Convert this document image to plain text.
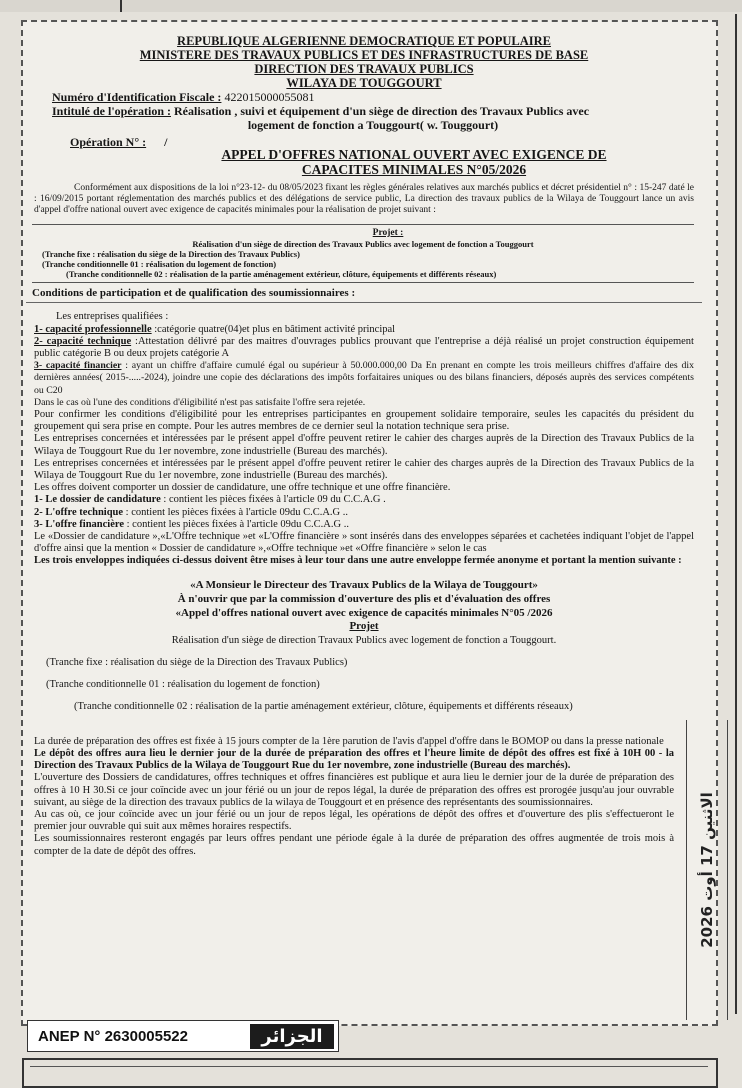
REPUBLIQUE ALGERIENNE DEMOCRATIQUE ET POPULAIRE
MINISTERE DES TRAVAUX PUBLICS ET DES INFRASTRUCTURES DE BASE
DIRECTION DES TRAVAUX PUBLICS
WILAYA DE TOUGGOURT
Numéro d'Identification Fiscale : 422015000055081
Intitulé de l'opération : Réalisation , suivi et équipement d'un siège de direction des Travaux Publics avec
logement de fonction a Touggourt( w. Touggourt)
Opération N° : /
APPEL D'OFFRES NATIONAL OUVERT AVEC EXIGENCE DE
CAPACITES MINIMALES N°05/2026
Conformément aux dispositions de la loi n°23-12- du 08/05/2023 fixant les règles générales relatives aux marchés publics et décret présidentiel n° : 15-247 daté le : 16/09/2015 portant réglementation des marchés publics et des délégations de service public, La direction des travaux publics de la Wilaya de Touggourt lance un avis d'appel d'offre national ouvert avec exigence de capacités minimales pour la réalisation de projet suivant :
Projet :
Réalisation d'un siège de direction des Travaux Publics avec logement de fonction a Touggourt
(Tranche fixe : réalisation du siège de la Direction des Travaux Publics)
(Tranche conditionnelle 01 : réalisation du logement de fonction)
(Tranche conditionnelle 02 : réalisation de la partie aménagement extérieur, clôture, équipements et différents réseaux)
Conditions de participation et de qualification des soumissionnaires :
Les entreprises qualifiées :
1- capacité professionnelle :catégorie quatre(04)et plus en bâtiment activité principal
2- capacité technique :Attestation délivré par des maitres d'ouvrages publics prouvant que l'entreprise a déjà réalisé un projet construction équipement public catégorie B ou deux projets catégorie A
3- capacité financier : ayant un chiffre d'affaire cumulé égal ou supérieur à 50.000.000,00 Da En prenant en compte les trois meilleurs chiffres d'affaire des dix dernières années( 2015-.....-2024), joindre une copie des déclarations des impôts forfaitaires uniques ou des bilans financiers, déposés auprès des services compétents ou C20
Dans le cas où l'une des conditions d'éligibilité n'est pas satisfaite l'offre sera rejetée.
Pour confirmer les conditions d'éligibilité pour les entreprises participantes en groupement solidaire temporaire, seules les capacités du président du groupement qui sera prise en compte. Pour les autres membres de ce dernier seul la notation technique sera prise.
Les entreprises concernées et intéressées par le présent appel d'offre peuvent retirer le cahier des charges auprès de la Direction des Travaux Publics de la Wilaya de Touggourt Rue du 1er novembre, zone industrielle (Bureau des marchés).
Les entreprises concernées et intéressées par le présent appel d'offre peuvent retirer le cahier des charges auprès de la Direction des Travaux Publics de la Wilaya de Touggourt Rue du 1er novembre, zone industrielle (Bureau des marchés).
Les offres doivent comporter un dossier de candidature, une offre technique et une offre financière.
1- Le dossier de candidature : contient les pièces fixées à l'article 09 du C.C.A.G .
2- L'offre technique : contient les pièces fixées à l'article 09du C.C.A.G ..
3- L'offre financière : contient les pièces fixées à l'article 09du C.C.A.G ..
Le «Dossier de candidature »,«L'Offre technique »et «L'Offre financière » sont insérés dans des enveloppes séparées et cachetées indiquant l'objet de l'appel d'offre ainsi que la mention « Dossier de candidature »,«Offre technique »et «Offre financière » selon le cas
Les trois enveloppes indiquées ci-dessus doivent être mises à leur tour dans une autre enveloppe fermée anonyme et portant la mention suivante :
«A Monsieur le Directeur des Travaux Publics de la Wilaya de Touggourt»
À n'ouvrir que par la commission d'ouverture des plis et d'évaluation des offres
«Appel d'offres national ouvert avec exigence de capacités minimales N°05 /2026
Projet
Réalisation d'un siège de direction Travaux Publics avec logement de fonction a Touggourt.
(Tranche fixe : réalisation du siège de la Direction des Travaux Publics)
(Tranche conditionnelle 01 : réalisation du logement de fonction)
(Tranche conditionnelle 02 : réalisation de la partie aménagement extérieur, clôture, équipements et différents réseaux)
La durée de préparation des offres est fixée à 15 jours compter de la 1ère parution de l'avis d'appel d'offre dans le BOMOP ou dans la presse nationale
Le dépôt des offres aura lieu le dernier jour de la durée de préparation des offres et l'heure limite de dépôt des offres est fixé à 10H 00 - la Direction des Travaux Publics de la Wilaya de Touggourt Rue du 1er novembre, zone industrielle (Bureau des marchés).
L'ouverture des Dossiers de candidatures, offres techniques et offres financières est publique et aura lieu le dernier jour de la durée de préparation des offres à 10 H 30.Si ce jour coïncide avec un jour férié ou un jour de repos légal, la durée de préparation des offres est prorogée jusqu'au jour ouvrable suivant, au siège de la direction des travaux publics de la wilaya de Touggourt et en présence des représentants des soumissionnaires.
Au cas où, ce jour coïncide avec un jour férié ou un jour de repos légal, les opérations de dépôt des offres et d'ouverture des plis s'effectueront le premier jour ouvrable qui suit aux mêmes horaires respectifs.
Les soumissionnaires resteront engagés par leurs offres pendant une période égale à la durée de préparation des offres augmentée de trois mois à compter de la date de dépôt des offres.
الاثنين 17 أوت 2026
ANEP N° 2630005522	الجزائر
